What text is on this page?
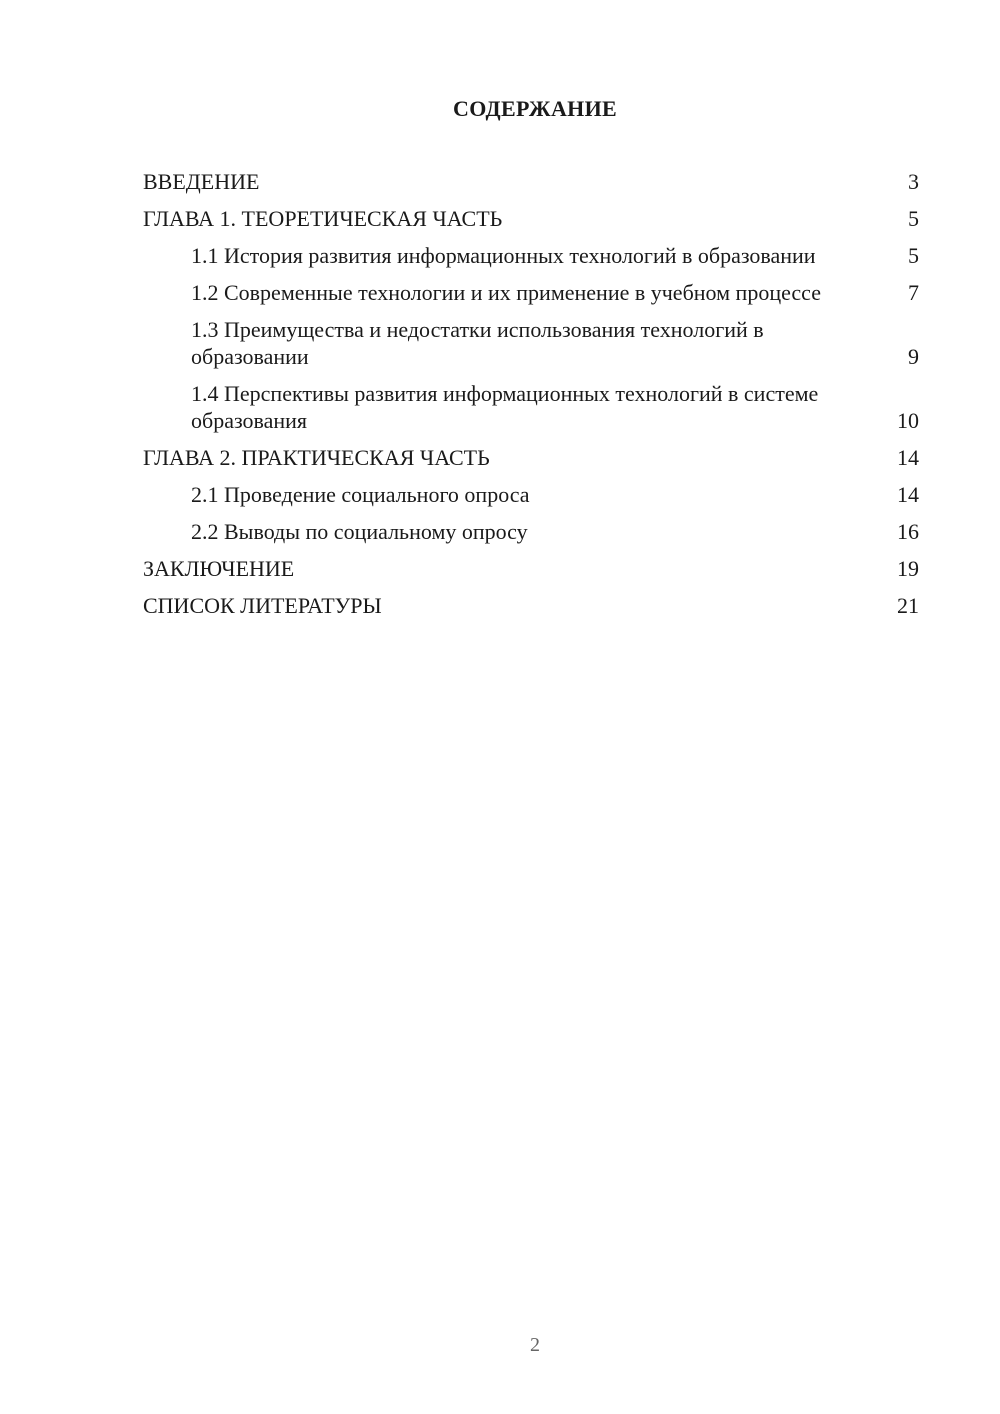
СОДЕРЖАНИЕ
ВВЕДЕНИЕ	3
ГЛАВА 1. ТЕОРЕТИЧЕСКАЯ ЧАСТЬ	5
1.1 История развития информационных технологий в образовании	5
1.2 Современные технологии и их применение в учебном процессе	7
1.3 Преимущества и недостатки использования технологий в образовании	9
1.4 Перспективы развития информационных технологий в системе образования	10
ГЛАВА 2. ПРАКТИЧЕСКАЯ ЧАСТЬ	14
2.1 Проведение социального опроса	14
2.2 Выводы по социальному опросу	16
ЗАКЛЮЧЕНИЕ	19
СПИСОК ЛИТЕРАТУРЫ	21
2
